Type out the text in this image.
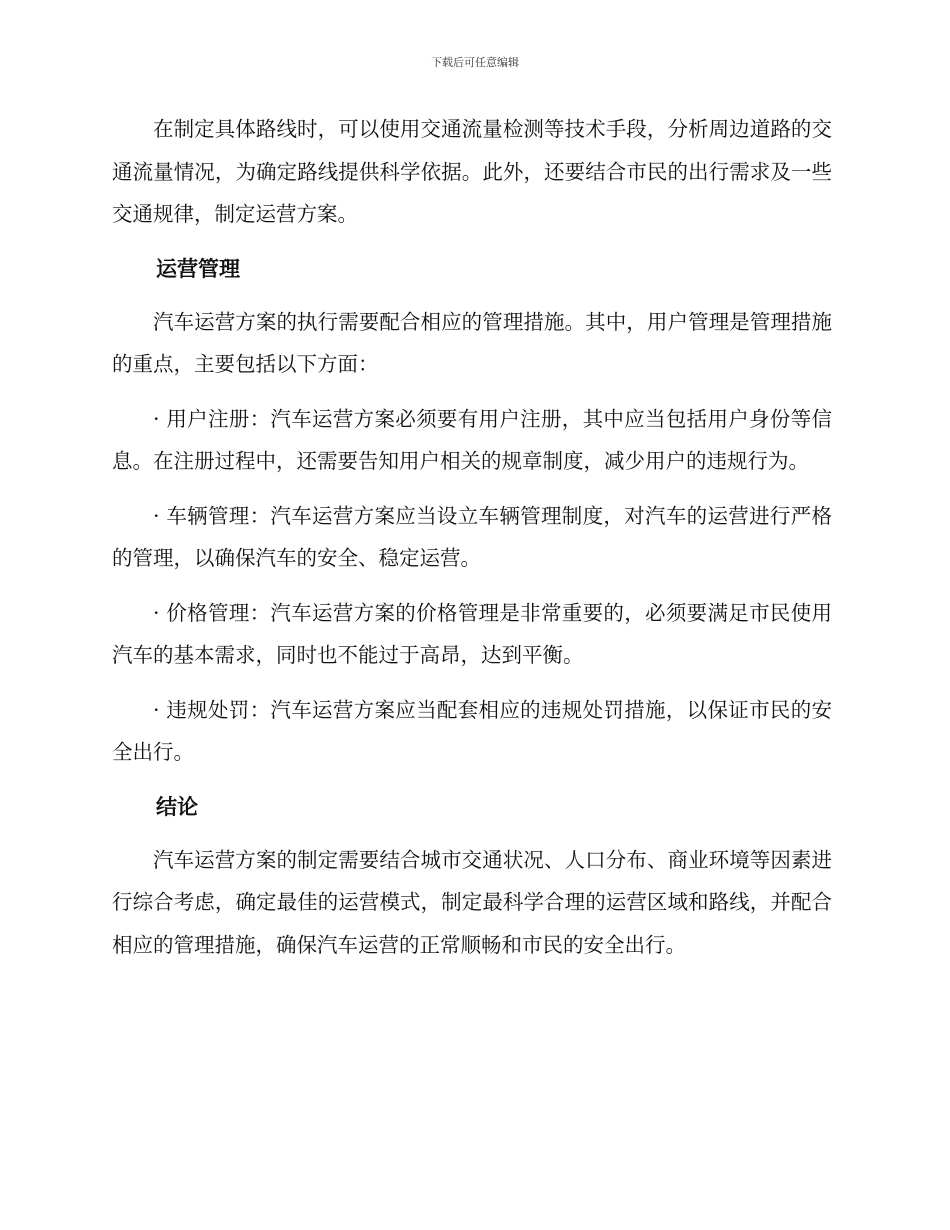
下载后可任意编辑

在制定具体路线时，可以使用交通流量检测等技术手段，分析周边道路的交通流量情况，为确定路线提供科学依据。此外，还要结合市民的出行需求及一些交通规律，制定运营方案。

运营管理

汽车运营方案的执行需要配合相应的管理措施。其中，用户管理是管理措施的重点，主要包括以下方面：

· 用户注册：汽车运营方案必须要有用户注册，其中应当包括用户身份等信息。在注册过程中，还需要告知用户相关的规章制度，减少用户的违规行为。

· 车辆管理：汽车运营方案应当设立车辆管理制度，对汽车的运营进行严格的管理，以确保汽车的安全、稳定运营。

· 价格管理：汽车运营方案的价格管理是非常重要的，必须要满足市民使用汽车的基本需求，同时也不能过于高昂，达到平衡。

· 违规处罚：汽车运营方案应当配套相应的违规处罚措施，以保证市民的安全出行。

结论

汽车运营方案的制定需要结合城市交通状况、人口分布、商业环境等因素进行综合考虑，确定最佳的运营模式，制定最科学合理的运营区域和路线，并配合相应的管理措施，确保汽车运营的正常顺畅和市民的安全出行。
